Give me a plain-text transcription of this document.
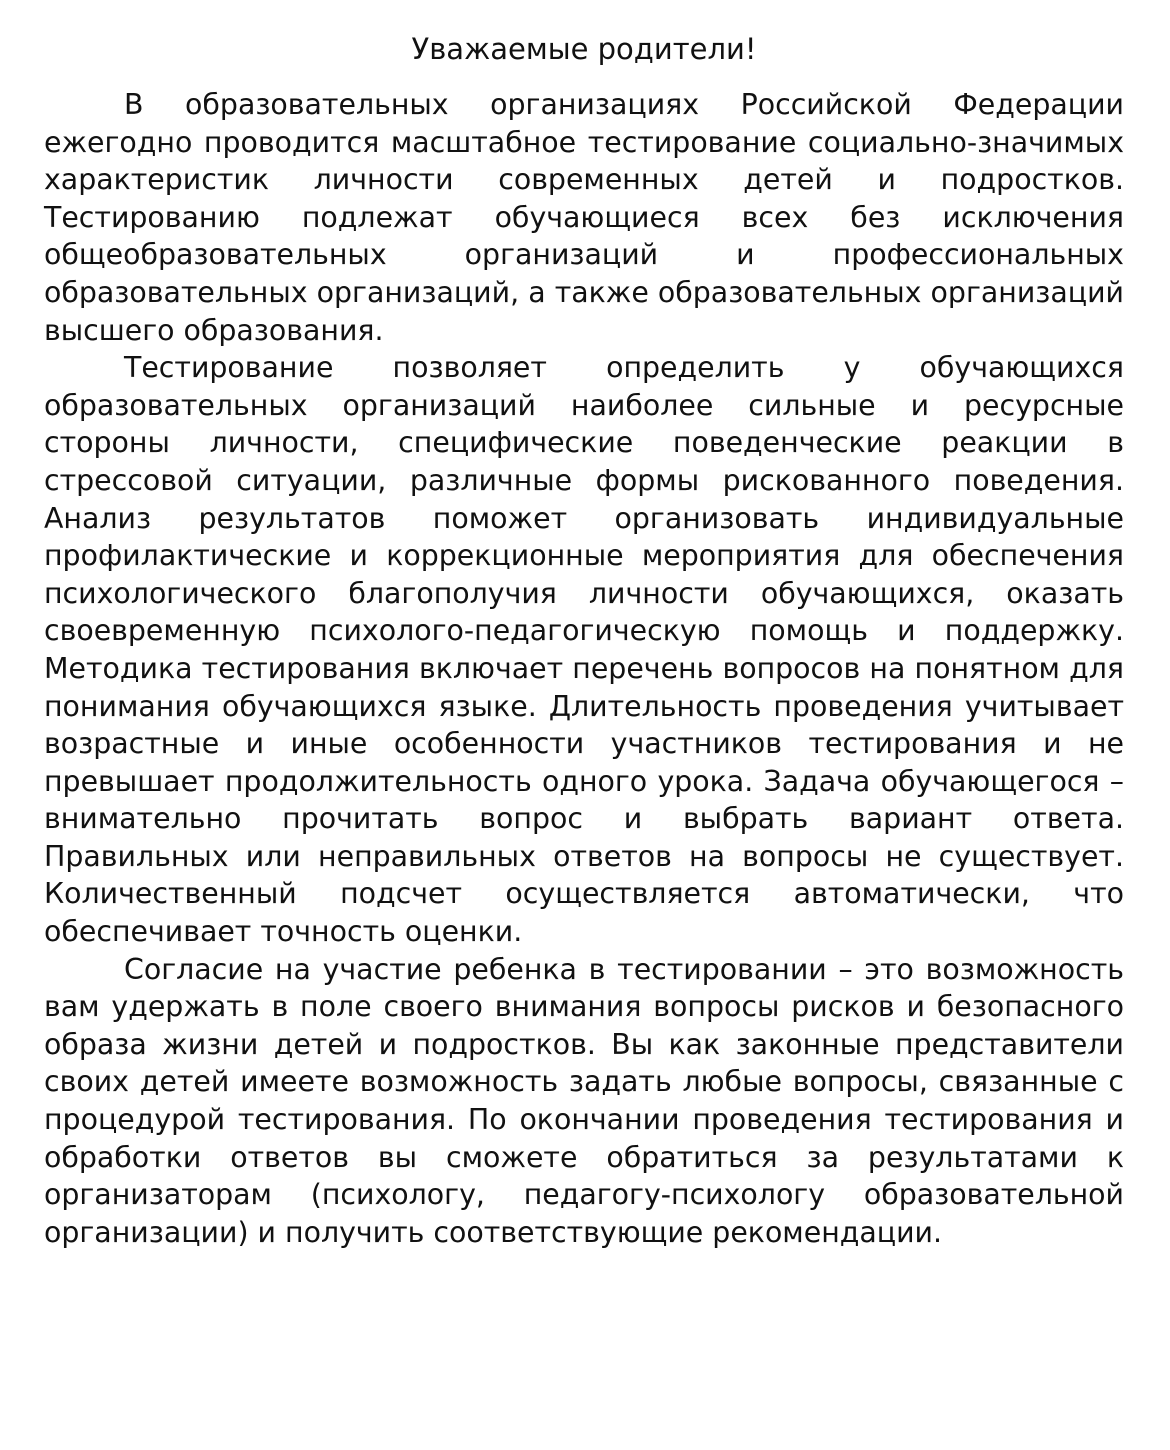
Уважаемые родители!

В образовательных организациях Российской Федерации ежегодно проводится масштабное тестирование социально-значимых характеристик личности современных детей и подростков. Тестированию подлежат обучающиеся всех без исключения общеобразовательных организаций и профессиональных образовательных организаций, а также образовательных организаций высшего образования.

Тестирование позволяет определить у обучающихся образовательных организаций наиболее сильные и ресурсные стороны личности, специфические поведенческие реакции в стрессовой ситуации, различные формы рискованного поведения. Анализ результатов поможет организовать индивидуальные профилактические и коррекционные мероприятия для обеспечения психологического благополучия личности обучающихся, оказать своевременную психолого-педагогическую помощь и поддержку. Методика тестирования включает перечень вопросов на понятном для понимания обучающихся языке. Длительность проведения учитывает возрастные и иные особенности участников тестирования и не превышает продолжительность одного урока. Задача обучающегося – внимательно прочитать вопрос и выбрать вариант ответа. Правильных или неправильных ответов на вопросы не существует. Количественный подсчет осуществляется автоматически, что обеспечивает точность оценки.

Согласие на участие ребенка в тестировании – это возможность вам удержать в поле своего внимания вопросы рисков и безопасного образа жизни детей и подростков. Вы как законные представители своих детей имеете возможность задать любые вопросы, связанные с процедурой тестирования. По окончании проведения тестирования и обработки ответов вы сможете обратиться за результатами к организаторам (психологу, педагогу-психологу образовательной организации) и получить соответствующие рекомендации.
